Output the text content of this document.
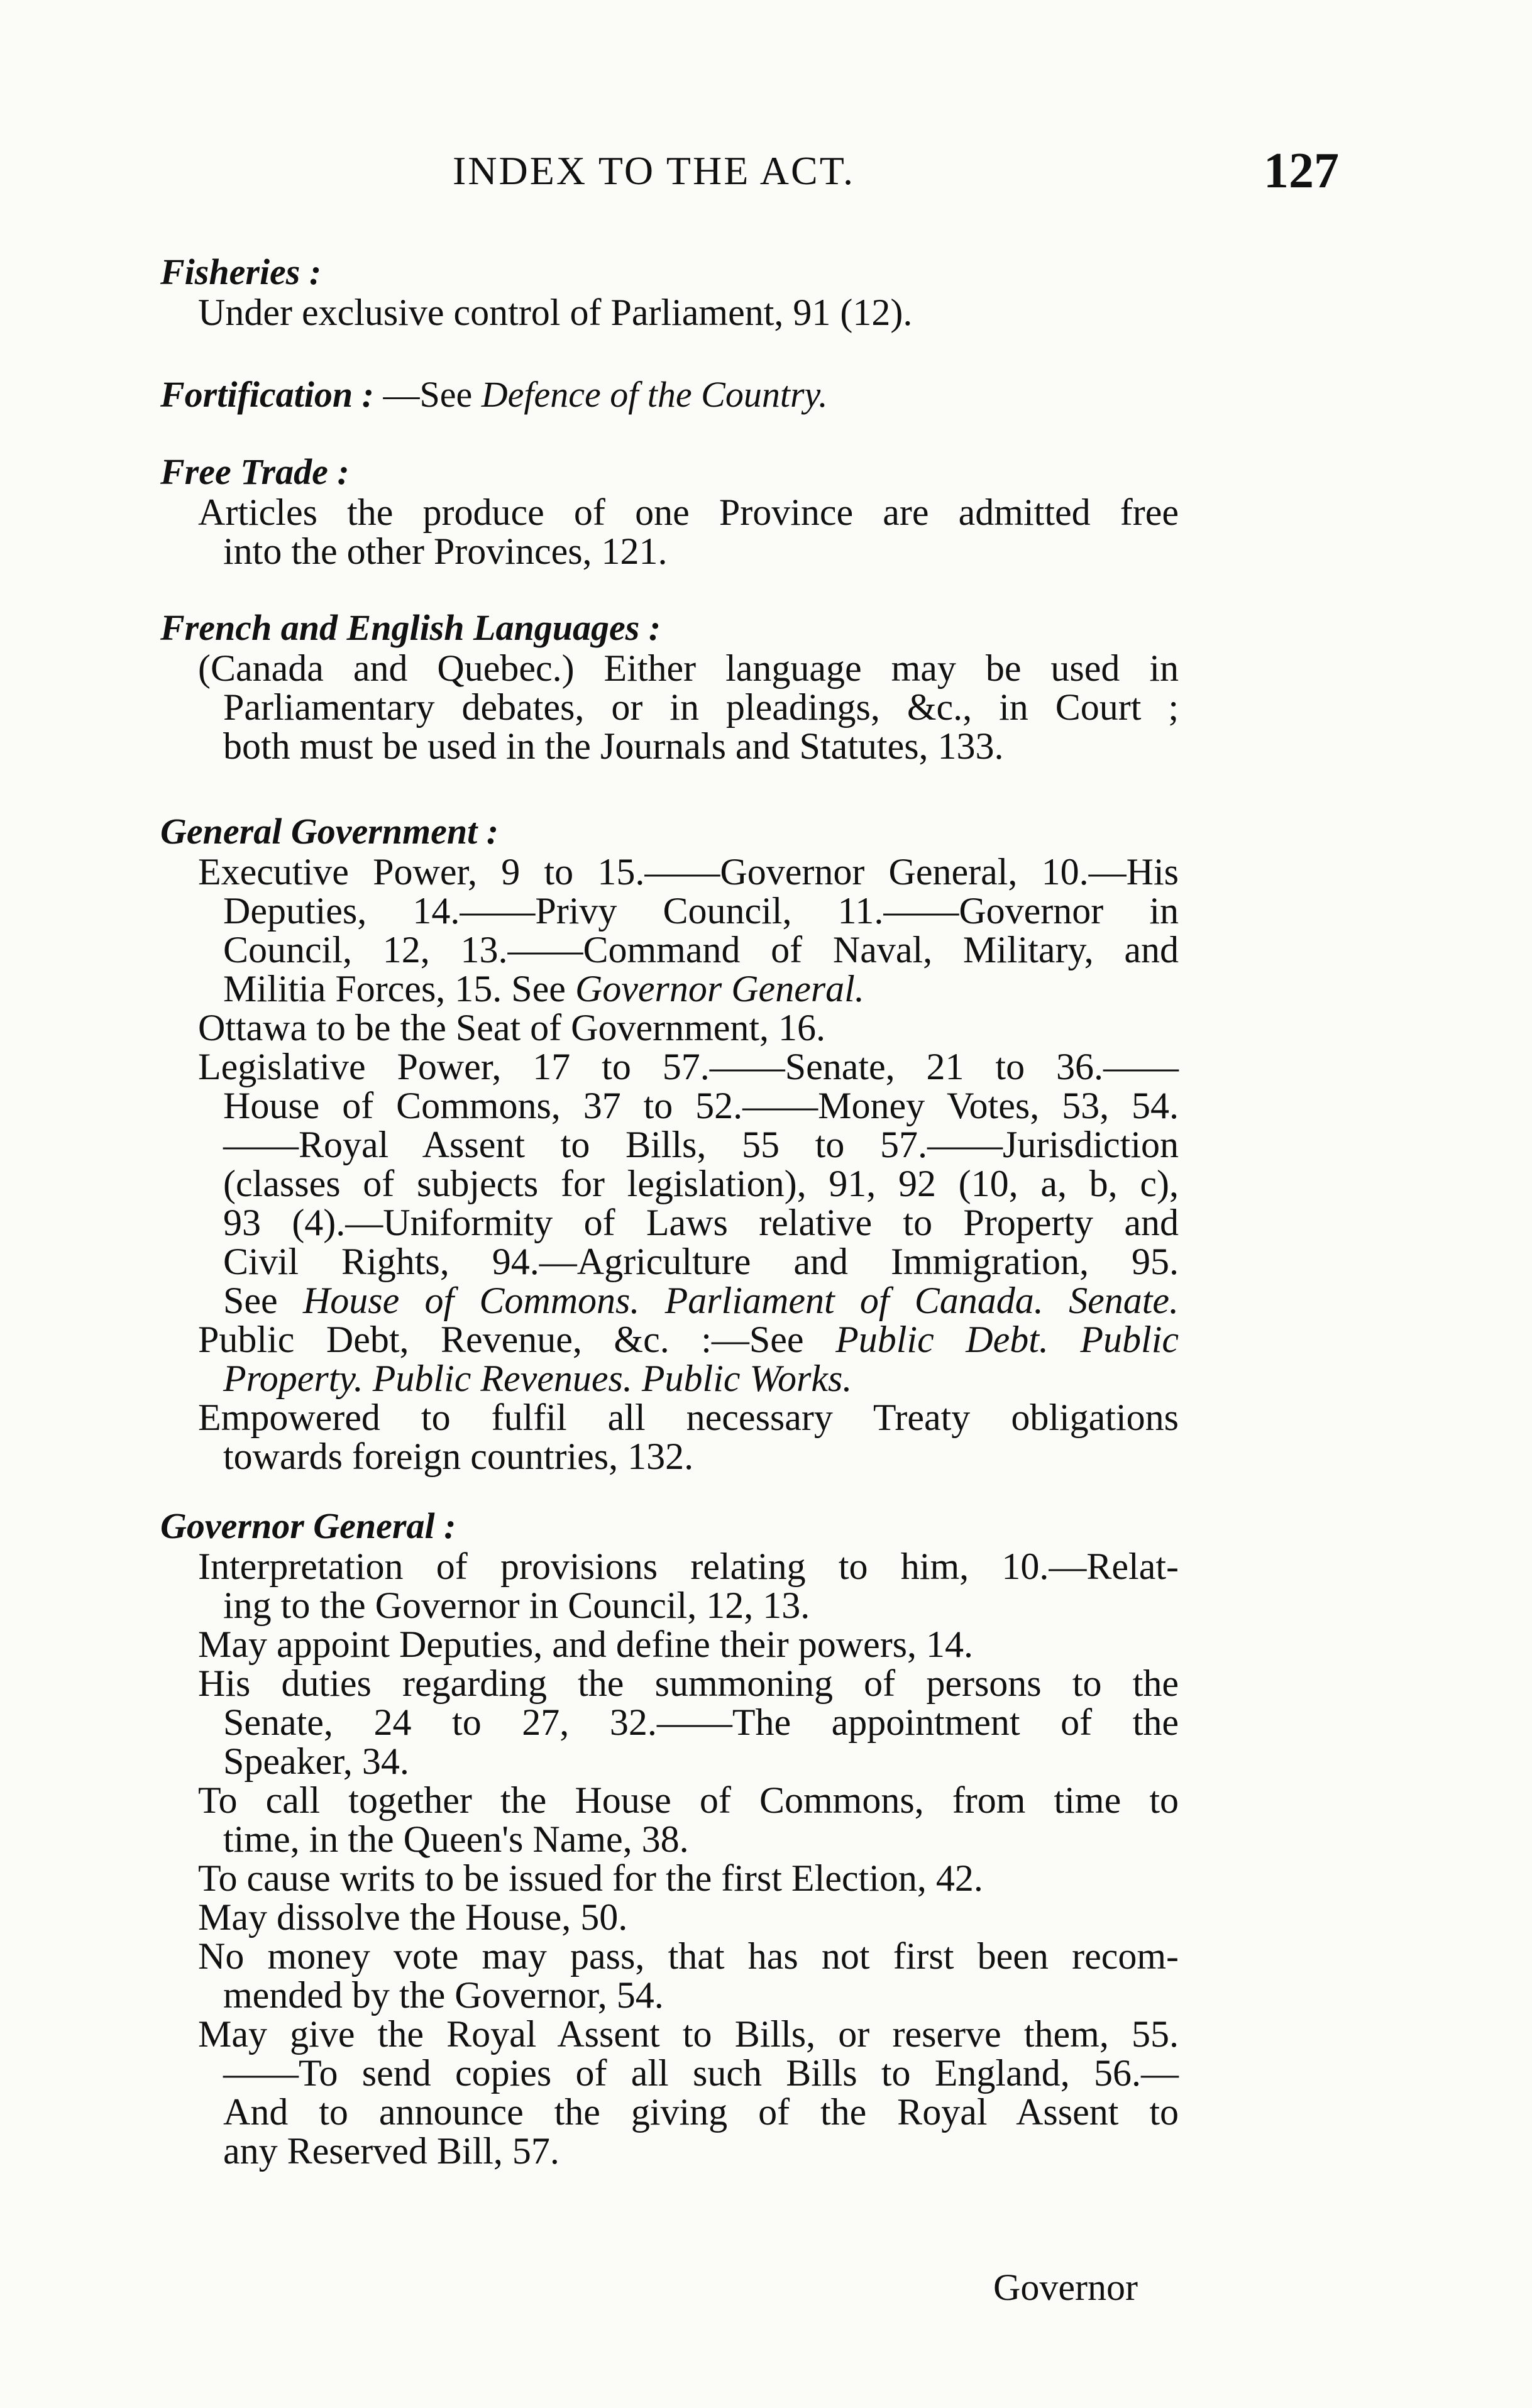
INDEX TO THE ACT.	127

Fisheries :

Under exclusive control of Parliament, 91 (12).

Fortification : —See Defence of the Country.

Free Trade :

Articles the produce of one Province are admitted free

into the other Provinces, 121.

French and English Languages :

(Canada and Quebec.) Either language may be used in

Parliamentary debates, or in pleadings, &c., in Court ;

both must be used in the Journals and Statutes, 133.

General Government :

Executive Power, 9 to 15.——Governor General, 10.—His

Deputies, 14.——Privy Council, 11.——Governor in

Council, 12, 13.——Command of Naval, Military, and

Militia Forces, 15. See Governor General.

Ottawa to be the Seat of Government, 16.

Legislative Power, 17 to 57.——Senate, 21 to 36.——

House of Commons, 37 to 52.——Money Votes, 53, 54.

——Royal Assent to Bills, 55 to 57.——Jurisdiction

(classes of subjects for legislation), 91, 92 (10, a, b, c),

93 (4).—Uniformity of Laws relative to Property and

Civil Rights, 94.—Agriculture and Immigration, 95.

See House of Commons. Parliament of Canada. Senate.

Public Debt, Revenue, &c. :—See Public Debt. Public

Property. Public Revenues. Public Works.

Empowered to fulfil all necessary Treaty obligations

towards foreign countries, 132.

Governor General :

Interpretation of provisions relating to him, 10.—Relat-

ing to the Governor in Council, 12, 13.

May appoint Deputies, and define their powers, 14.

His duties regarding the summoning of persons to the

Senate, 24 to 27, 32.——The appointment of the

Speaker, 34.

To call together the House of Commons, from time to

time, in the Queen's Name, 38.

To cause writs to be issued for the first Election, 42.

May dissolve the House, 50.

No money vote may pass, that has not first been recom-

mended by the Governor, 54.

May give the Royal Assent to Bills, or reserve them, 55.

——To send copies of all such Bills to England, 56.—

And to announce the giving of the Royal Assent to

any Reserved Bill, 57.

Governor
